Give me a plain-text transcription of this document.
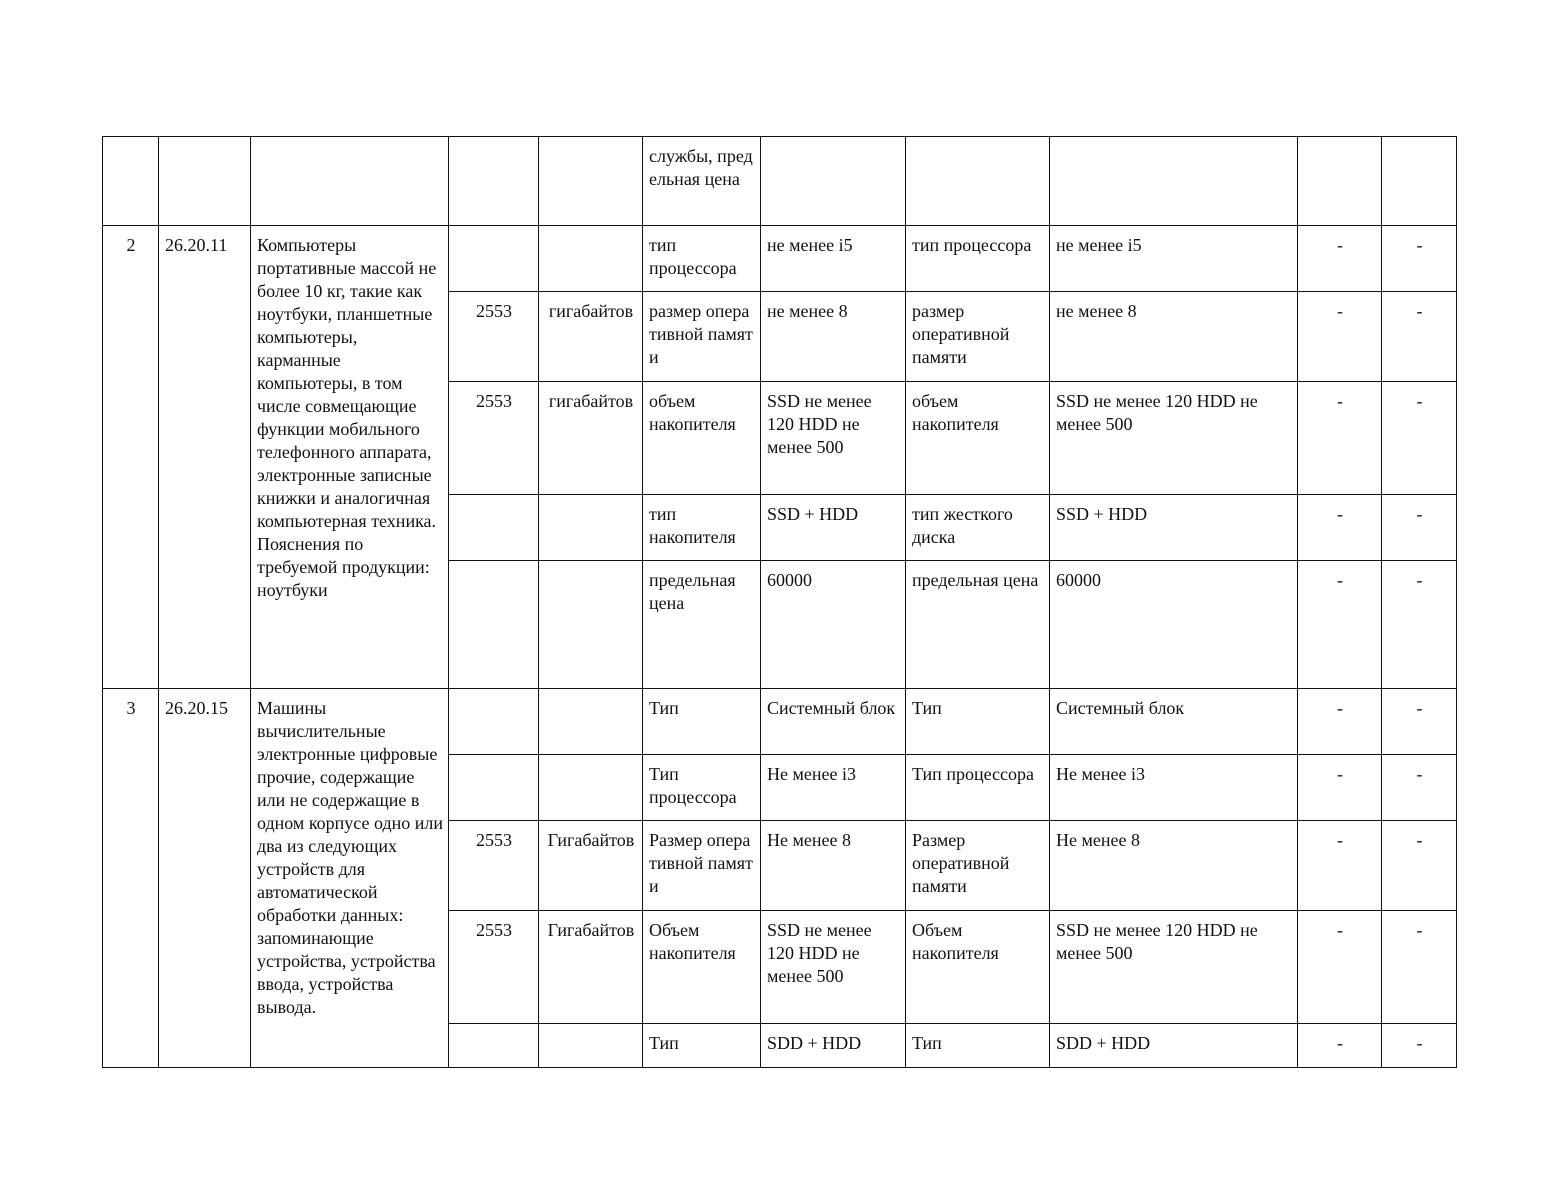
					службы, предельная цена					
2	26.20.11	Компьютеры портативные массой не более 10 кг, такие как ноутбуки, планшетные компьютеры, карманные компьютеры, в том числе совмещающие функции мобильного телефонного аппарата, электронные записные книжки и аналогичная компьютерная техника. Пояснения по требуемой продукции: ноутбуки			тип процессора	не менее i5	тип процессора	не менее i5	-	-
			2553	гигабайтов	размер оперативной памяти	не менее 8	размер оперативной памяти	не менее 8	-	-
			2553	гигабайтов	объем накопителя	SSD не менее 120 HDD не менее 500	объем накопителя	SSD не менее 120 HDD не менее 500	-	-
					тип накопителя	SSD + HDD	тип жесткого диска	SSD + HDD	-	-
					предельная цена	60000	предельная цена	60000	-	-
3	26.20.15	Машины вычислительные электронные цифровые прочие, содержащие или не содержащие в одном корпусе одно или два из следующих устройств для автоматической обработки данных: запоминающие устройства, устройства ввода, устройства вывода.			Тип	Системный блок	Тип	Системный блок	-	-
					Тип процессора	Не менее i3	Тип процессора	Не менее i3	-	-
			2553	Гигабайтов	Размер оперативной памяти	Не менее 8	Размер оперативной памяти	Не менее 8	-	-
			2553	Гигабайтов	Объем накопителя	SSD не менее 120 HDD не менее 500	Объем накопителя	SSD не менее 120 HDD не менее 500	-	-
					Тип	SDD + HDD	Тип	SDD + HDD	-	-
